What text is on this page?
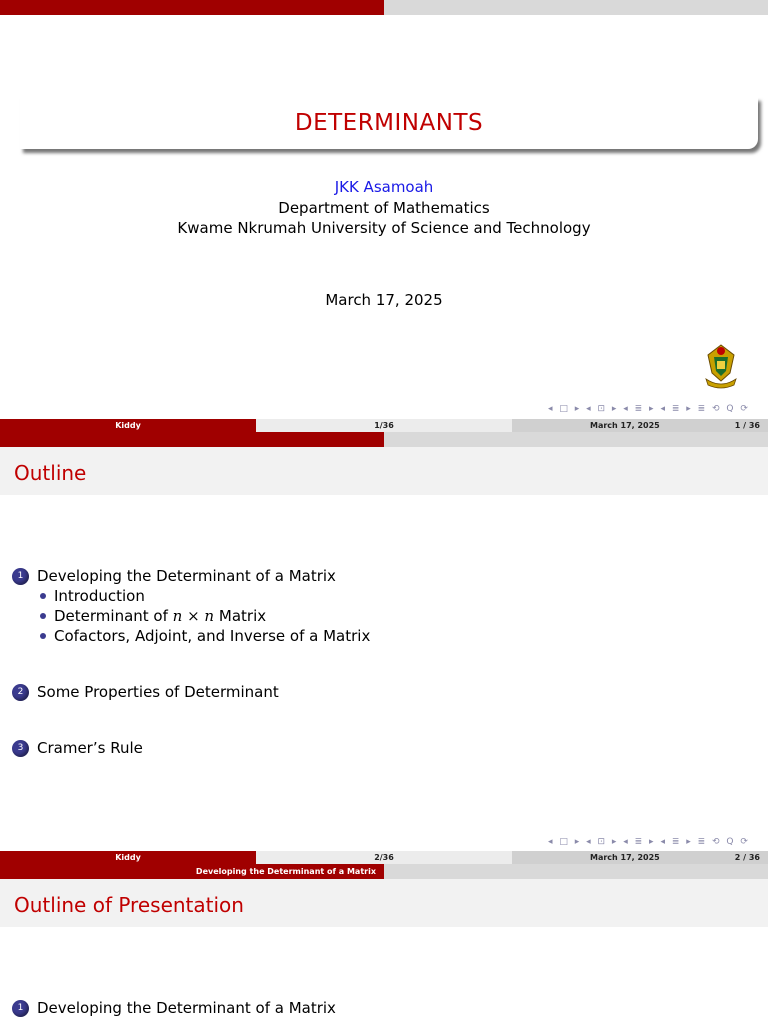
DETERMINANTS
JKK Asamoah
Department of Mathematics
Kwame Nkrumah University of Science and Technology
March 17, 2025
◂ □ ▸ ◂ ⊡ ▸ ◂ ≣ ▸ ◂ ≣ ▸ ≣ ⟲ Q ⟳
Kiddy	1/36	March 17, 2025	1 / 36
Outline
1 Developing the Determinant of a Matrix
Introduction
Determinant of
n × n
Matrix
Cofactors, Adjoint, and Inverse of a Matrix
2 Some Properties of Determinant
3 Cramer’s Rule
◂ □ ▸ ◂ ⊡ ▸ ◂ ≣ ▸ ◂ ≣ ▸ ≣ ⟲ Q ⟳
Kiddy	2/36	March 17, 2025	2 / 36
Developing the Determinant of a Matrix
Outline of Presentation
1 Developing the Determinant of a Matrix
